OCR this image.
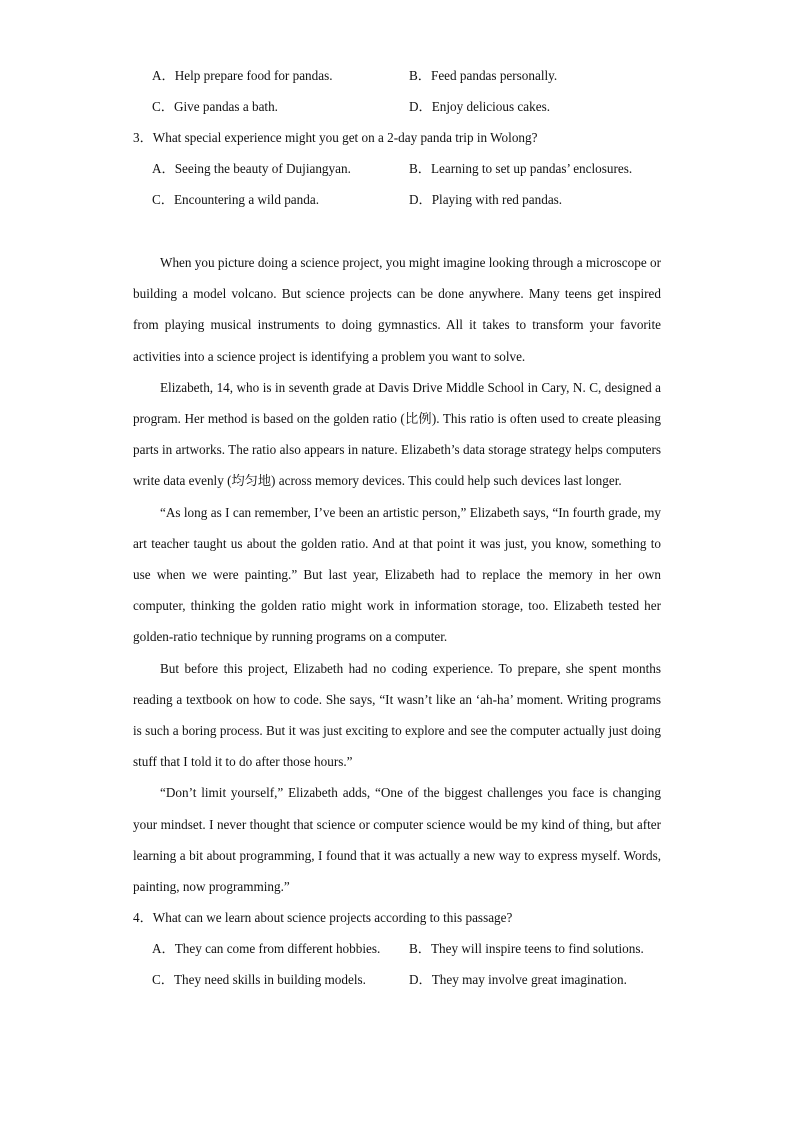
A．Help prepare food for pandas.	B．Feed pandas personally.
C．Give pandas a bath.	D．Enjoy delicious cakes.
3．What special experience might you get on a 2-day panda trip in Wolong?
A．Seeing the beauty of Dujiangyan.	B．Learning to set up pandas’ enclosures.
C．Encountering a wild panda.	D．Playing with red pandas.

When you picture doing a science project, you might imagine looking through a microscope or building a model volcano. But science projects can be done anywhere. Many teens get inspired from playing musical instruments to doing gymnastics. All it takes to transform your favorite activities into a science project is identifying a problem you want to solve.

Elizabeth, 14, who is in seventh grade at Davis Drive Middle School in Cary, N. C, designed a program. Her method is based on the golden ratio (比例). This ratio is often used to create pleasing parts in artworks. The ratio also appears in nature. Elizabeth’s data storage strategy helps computers write data evenly (均匀地) across memory devices. This could help such devices last longer.

“As long as I can remember, I’ve been an artistic person,” Elizabeth says, “In fourth grade, my art teacher taught us about the golden ratio. And at that point it was just, you know, something to use when we were painting.” But last year, Elizabeth had to replace the memory in her own computer, thinking the golden ratio might work in information storage, too. Elizabeth tested her golden-ratio technique by running programs on a computer.

But before this project, Elizabeth had no coding experience. To prepare, she spent months reading a textbook on how to code. She says, “It wasn’t like an ‘ah-ha’ moment. Writing programs is such a boring process. But it was just exciting to explore and see the computer actually just doing stuff that I told it to do after those hours.”

“Don’t limit yourself,” Elizabeth adds, “One of the biggest challenges you face is changing your mindset. I never thought that science or computer science would be my kind of thing, but after learning a bit about programming, I found that it was actually a new way to express myself. Words, painting, now programming.”

4．What can we learn about science projects according to this passage?
A．They can come from different hobbies. B．They will inspire teens to find solutions.
C．They need skills in building models.	D．They may involve great imagination.
